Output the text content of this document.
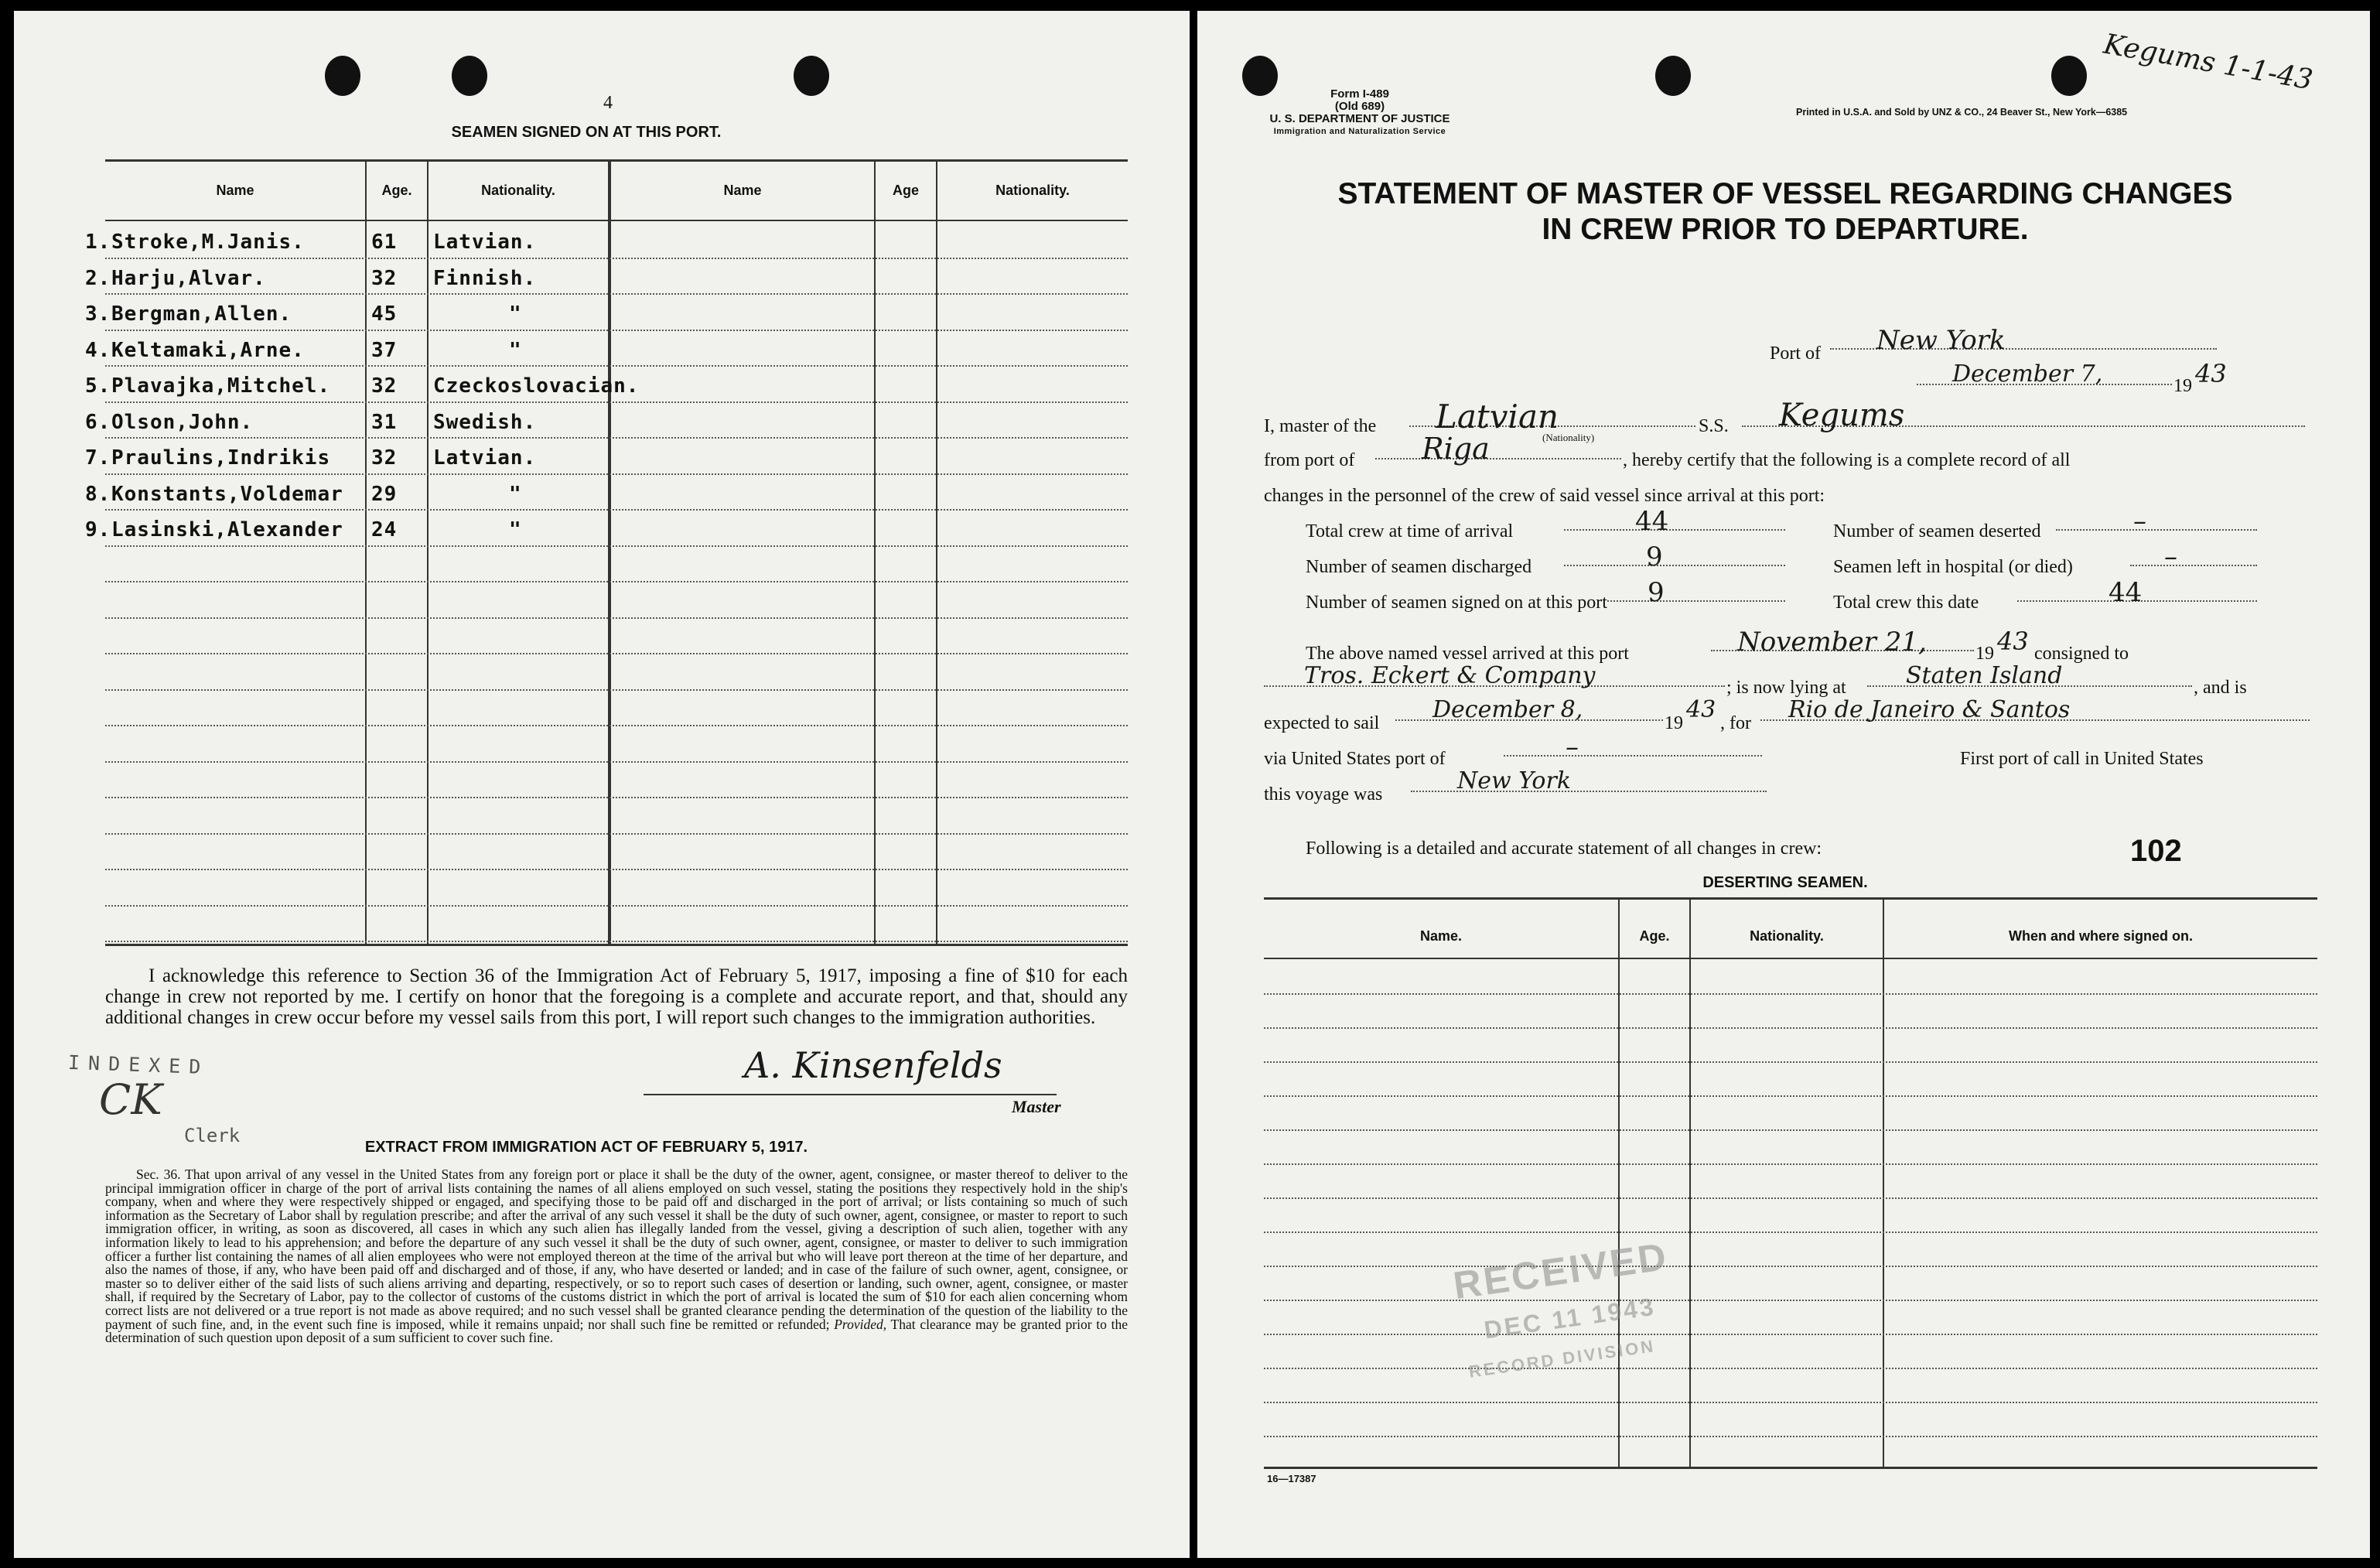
4
SEAMEN SIGNED ON AT THIS PORT.
Name	Age.	Nationality.	Name	Age	Nationality.
1. Stroke,M.Janis.	61 Latvian.
2. Harju,Alvar.	32 Finnish.
3. Bergman,Allen.	45	"
4. Keltamaki,Arne.	37	"
5. Plavajka,Mitchel. 32 Czeckoslovacian.
6. Olson,John.	31 Swedish.
7. Praulins,Indrikis 32 Latvian.
8. Konstants,Voldemar 29	"
9. Lasinski,Alexander 24	"
I acknowledge this reference to Section 36 of the Immigration Act of February 5, 1917, imposing a fine of $10 for each change in crew not reported by me. I certify on honor that the foregoing is a complete and accurate report, and that, should any additional changes in crew occur before my vessel sails from this port, I will report such changes to the immigration authorities.
INDEXED
CK
Clerk
A. Kinsenfelds
Master
EXTRACT FROM IMMIGRATION ACT OF FEBRUARY 5, 1917.
Sec. 36. That upon arrival of any vessel in the United States from any foreign port or place it shall be the duty of the owner, agent, consignee, or master thereof to deliver to the principal immigration officer in charge of the port of arrival lists containing the names of all aliens employed on such vessel, stating the positions they respectively hold in the ship's company, when and where they were respectively shipped or engaged, and specifying those to be paid off and discharged in the port of arrival; or lists containing so much of such information as the Secretary of Labor shall by regulation prescribe; and after the arrival of any such vessel it shall be the duty of such owner, agent, consignee, or master to report to such immigration officer, in writing, as soon as discovered, all cases in which any such alien has illegally landed from the vessel, giving a description of such alien, together with any information likely to lead to his apprehension; and before the departure of any such vessel it shall be the duty of such owner, agent, consignee, or master to deliver to such immigration officer a further list containing the names of all alien employees who were not employed thereon at the time of the arrival but who will leave port thereon at the time of her departure, and also the names of those, if any, who have been paid off and discharged and of those, if any, who have deserted or landed; and in case of the failure of such owner, agent, consignee, or master so to deliver either of the said lists of such aliens arriving and departing, respectively, or so to report such cases of desertion or landing, such owner, agent, consignee, or master shall, if required by the Secretary of Labor, pay to the collector of customs of the customs district in which the port of arrival is located the sum of $10 for each alien concerning whom correct lists are not delivered or a true report is not made as above required; and no such vessel shall be granted clearance pending the determination of the question of the liability to the payment of such fine, and, in the event such fine is imposed, while it remains unpaid; nor shall such fine be remitted or refunded; Provided, That clearance may be granted prior to the determination of such question upon deposit of a sum sufficient to cover such fine.
Form I-489
(Old 689)
U. S. DEPARTMENT OF JUSTICE
Immigration and Naturalization Service
Printed in U.S.A. and Sold by UNZ & CO., 24 Beaver St., New York—6385
Kegums 1-1-43
STATEMENT OF MASTER OF VESSEL REGARDING CHANGES
IN CREW PRIOR TO DEPARTURE.
Port of	New York
December 7,	19 43
I, master of the	Latvian
(Nationality)
S.S.	Kegums
from port of	Riga	, hereby certify that the following is a complete record of all
changes in the personnel of the crew of said vessel since arrival at this port:
Total crew at time of arrival	44	Number of seamen deserted	–
Number of seamen discharged	9	Seamen left in hospital (or died)	–
Number of seamen signed on at this port	9	Total crew this date	44
The above named vessel arrived at this port	November 21,	19 43 consigned to
Tros. Eckert & Company	; is now lying at	Staten Island	, and is
expected to sail	December 8,	19 43 , for	Rio de Janeiro & Santos
via United States port of	–	First port of call in United States
this voyage was	New York
Following is a detailed and accurate statement of all changes in crew:	102
DESERTING SEAMEN.
Name.	Age.	Nationality.	When and where signed on.
RECEIVED
DEC 11 1943
RECORD DIVISION
16—17387
